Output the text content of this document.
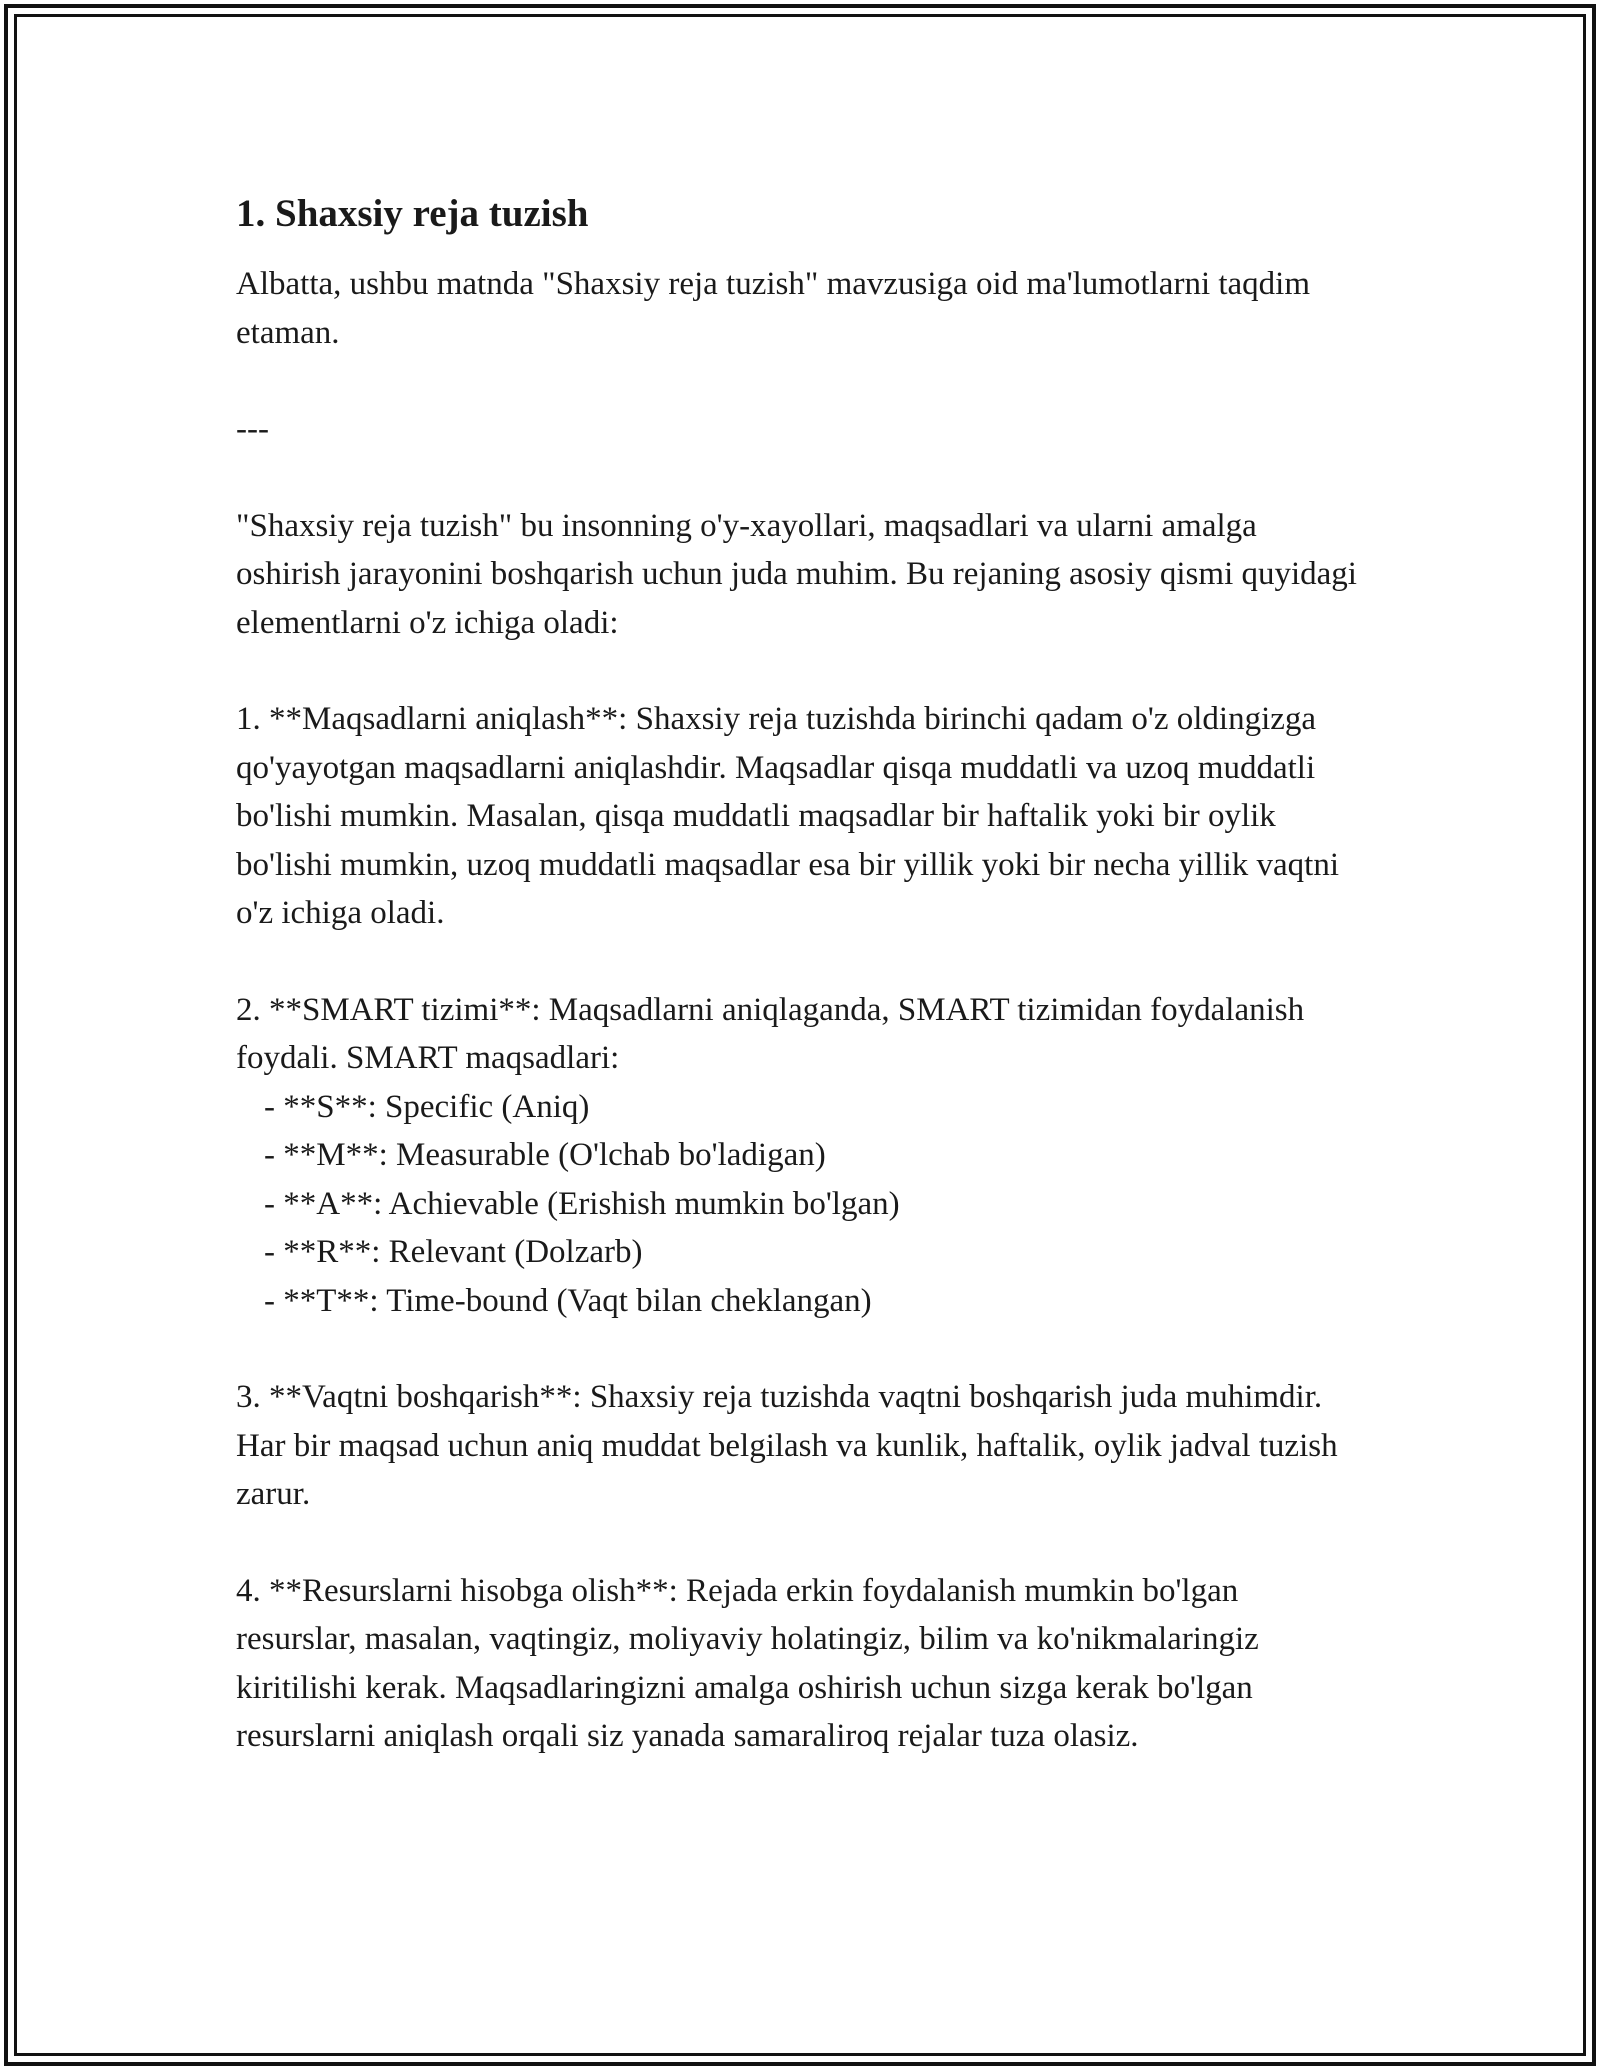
1. Shaxsiy reja tuzish

Albatta, ushbu matnda "Shaxsiy reja tuzish" mavzusiga oid ma'lumotlarni taqdim etaman.

---

"Shaxsiy reja tuzish" bu insonning o'y-xayollari, maqsadlari va ularni amalga oshirish jarayonini boshqarish uchun juda muhim. Bu rejaning asosiy qismi quyidagi elementlarni o'z ichiga oladi:

1. **Maqsadlarni aniqlash**: Shaxsiy reja tuzishda birinchi qadam o'z oldingizga qo'yayotgan maqsadlarni aniqlashdir. Maqsadlar qisqa muddatli va uzoq muddatli bo'lishi mumkin. Masalan, qisqa muddatli maqsadlar bir haftalik yoki bir oylik bo'lishi mumkin, uzoq muddatli maqsadlar esa bir yillik yoki bir necha yillik vaqtni o'z ichiga oladi.

2. **SMART tizimi**: Maqsadlarni aniqlaganda, SMART tizimidan foydalanish foydali. SMART maqsadlari:

- **S**: Specific (Aniq)
- **M**: Measurable (O'lchab bo'ladigan)
- **A**: Achievable (Erishish mumkin bo'lgan)
- **R**: Relevant (Dolzarb)
- **T**: Time-bound (Vaqt bilan cheklangan)

3. **Vaqtni boshqarish**: Shaxsiy reja tuzishda vaqtni boshqarish juda muhimdir. Har bir maqsad uchun aniq muddat belgilash va kunlik, haftalik, oylik jadval tuzish zarur.

4. **Resurslarni hisobga olish**: Rejada erkin foydalanish mumkin bo'lgan resurslar, masalan, vaqtingiz, moliyaviy holatingiz, bilim va ko'nikmalaringiz kiritilishi kerak. Maqsadlaringizni amalga oshirish uchun sizga kerak bo'lgan resurslarni aniqlash orqali siz yanada samaraliroq rejalar tuza olasiz.
